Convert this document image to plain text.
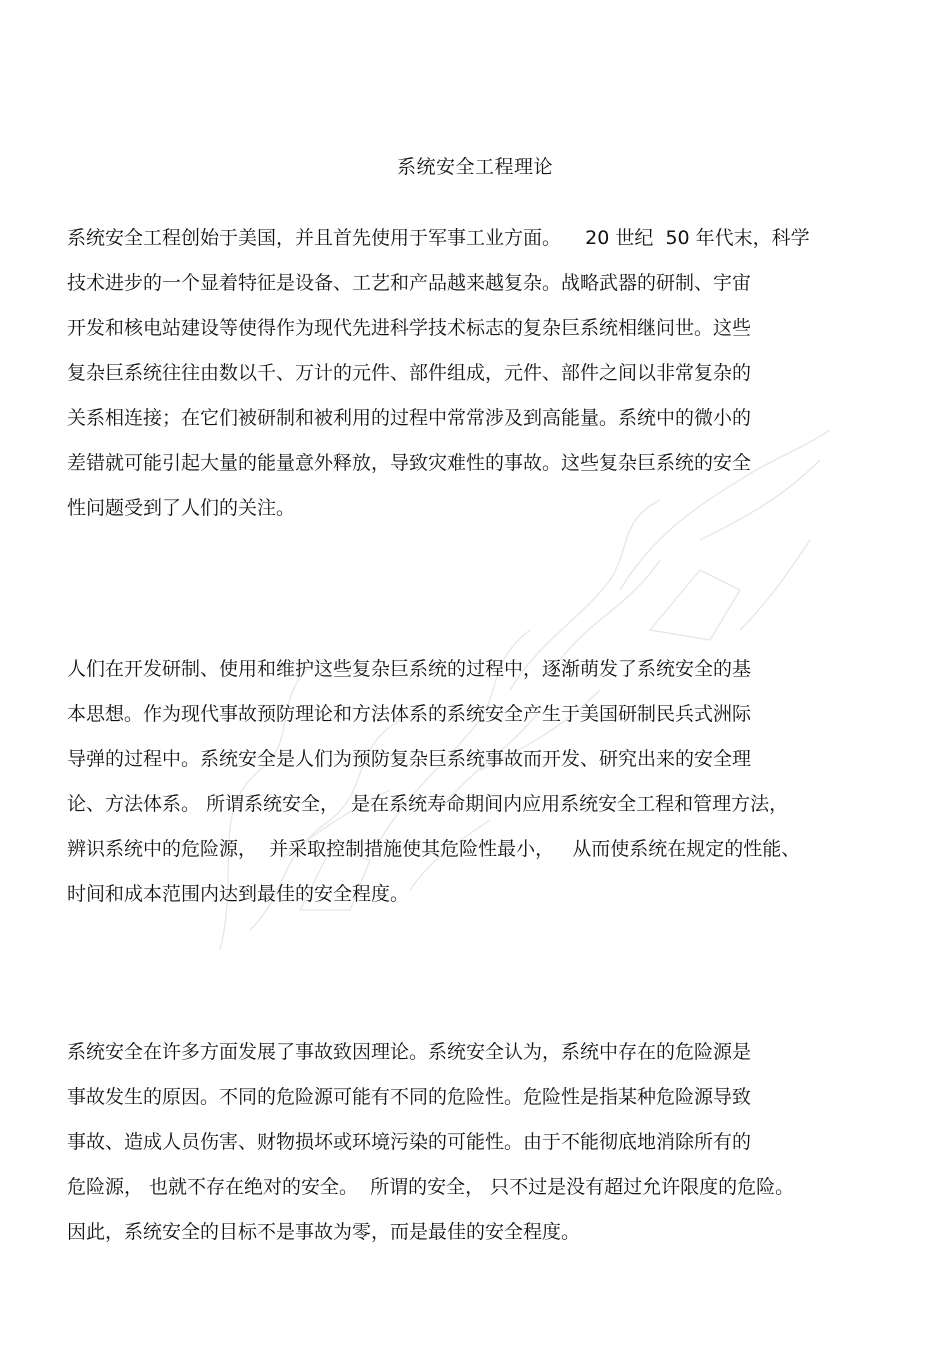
系统安全工程理论
系统安全工程创始于美国，并且首先使用于军事工业方面。    20 世纪  50 年代末，科学
技术进步的一个显着特征是设备、工艺和产品越来越复杂。战略武器的研制、宇宙
开发和核电站建设等使得作为现代先进科学技术标志的复杂巨系统相继问世。这些
复杂巨系统往往由数以千、万计的元件、部件组成，元件、部件之间以非常复杂的
关系相连接；在它们被研制和被利用的过程中常常涉及到高能量。系统中的微小的
差错就可能引起大量的能量意外释放，导致灾难性的事故。这些复杂巨系统的安全
性问题受到了人们的关注。
人们在开发研制、使用和维护这些复杂巨系统的过程中，逐渐萌发了系统安全的基
本思想。作为现代事故预防理论和方法体系的系统安全产生于美国研制民兵式洲际
导弹的过程中。系统安全是人们为预防复杂巨系统事故而开发、研究出来的安全理
论、方法体系。 所谓系统安全，  是在系统寿命期间内应用系统安全工程和管理方法，
辨识系统中的危险源，  并采取控制措施使其危险性最小，   从而使系统在规定的性能、
时间和成本范围内达到最佳的安全程度。
系统安全在许多方面发展了事故致因理论。系统安全认为，系统中存在的危险源是
事故发生的原因。不同的危险源可能有不同的危险性。危险性是指某种危险源导致
事故、造成人员伤害、财物损坏或环境污染的可能性。由于不能彻底地消除所有的
危险源， 也就不存在绝对的安全。  所谓的安全， 只不过是没有超过允许限度的危险。
因此，系统安全的目标不是事故为零，而是最佳的安全程度。
